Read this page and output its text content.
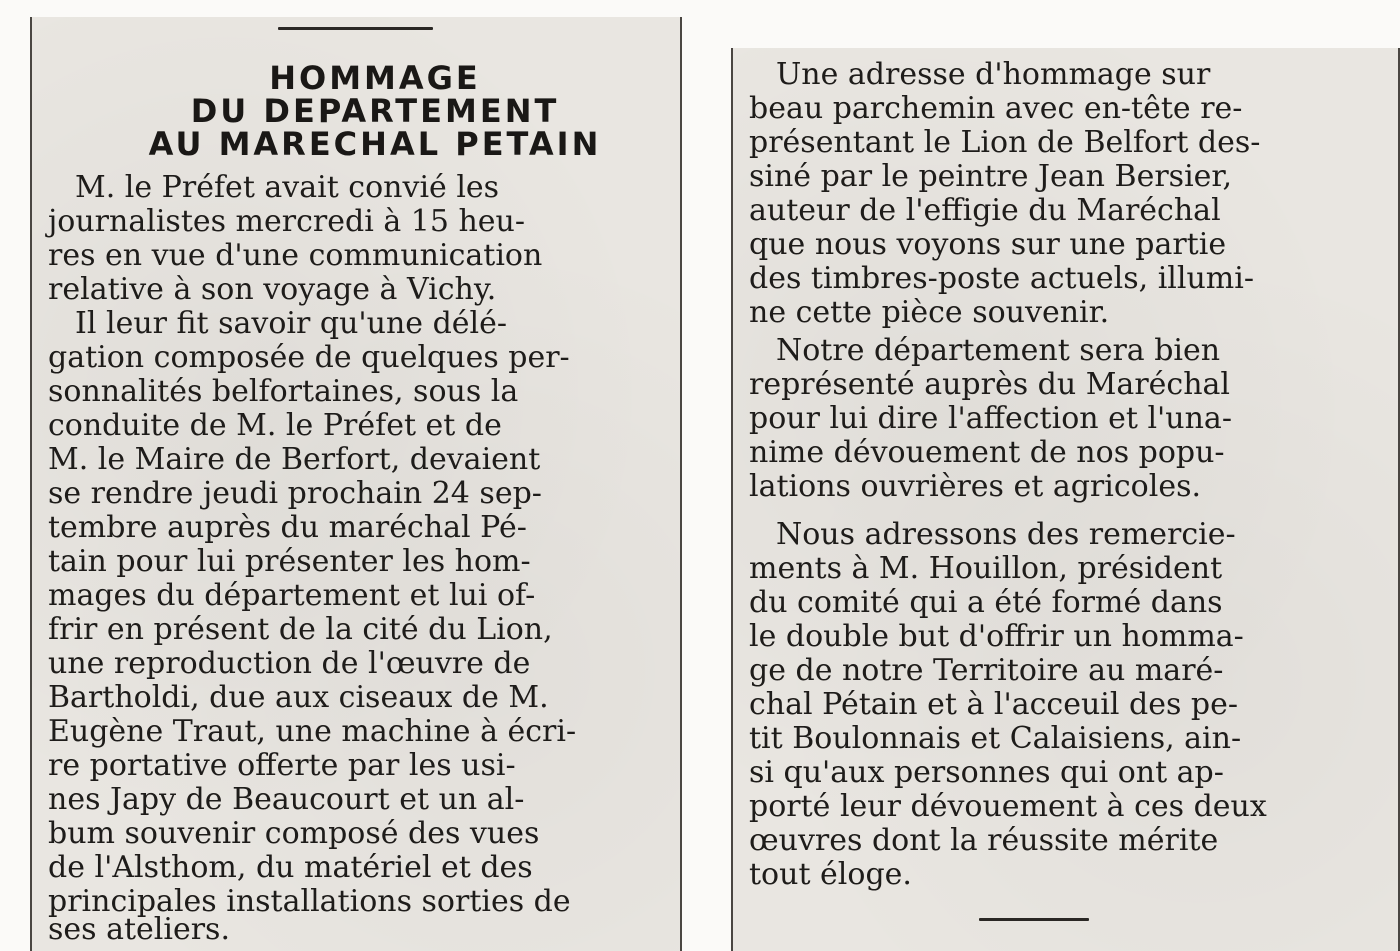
HOMMAGE
DU DEPARTEMENT
AU MARECHAL PETAIN
M. le Préfet avait convié les
journalistes mercredi à 15 heu-
res en vue d'une communication
relative à son voyage à Vichy.
Il leur fit savoir qu'une délé-
gation composée de quelques per-
sonnalités belfortaines, sous la
conduite de M. le Préfet et de
M. le Maire de Berfort, devaient
se rendre jeudi prochain 24 sep-
tembre auprès du maréchal Pé-
tain pour lui présenter les hom-
mages du département et lui of-
frir en présent de la cité du Lion,
une reproduction de l'œuvre de
Bartholdi, due aux ciseaux de M.
Eugène Traut, une machine à écri-
re portative offerte par les usi-
nes Japy de Beaucourt et un al-
bum souvenir composé des vues
de l'Alsthom, du matériel et des
principales installations sorties de
ses ateliers.
Une adresse d'hommage sur
beau parchemin avec en-tête re-
présentant le Lion de Belfort des-
siné par le peintre Jean Bersier,
auteur de l'effigie du Maréchal
que nous voyons sur une partie
des timbres-poste actuels, illumi-
ne cette pièce souvenir.
Notre département sera bien
représenté auprès du Maréchal
pour lui dire l'affection et l'una-
nime dévouement de nos popu-
lations ouvrières et agricoles.
Nous adressons des remercie-
ments à M. Houillon, président
du comité qui a été formé dans
le double but d'offrir un homma-
ge de notre Territoire au maré-
chal Pétain et à l'acceuil des pe-
tit Boulonnais et Calaisiens, ain-
si qu'aux personnes qui ont ap-
porté leur dévouement à ces deux
œuvres dont la réussite mérite
tout éloge.
